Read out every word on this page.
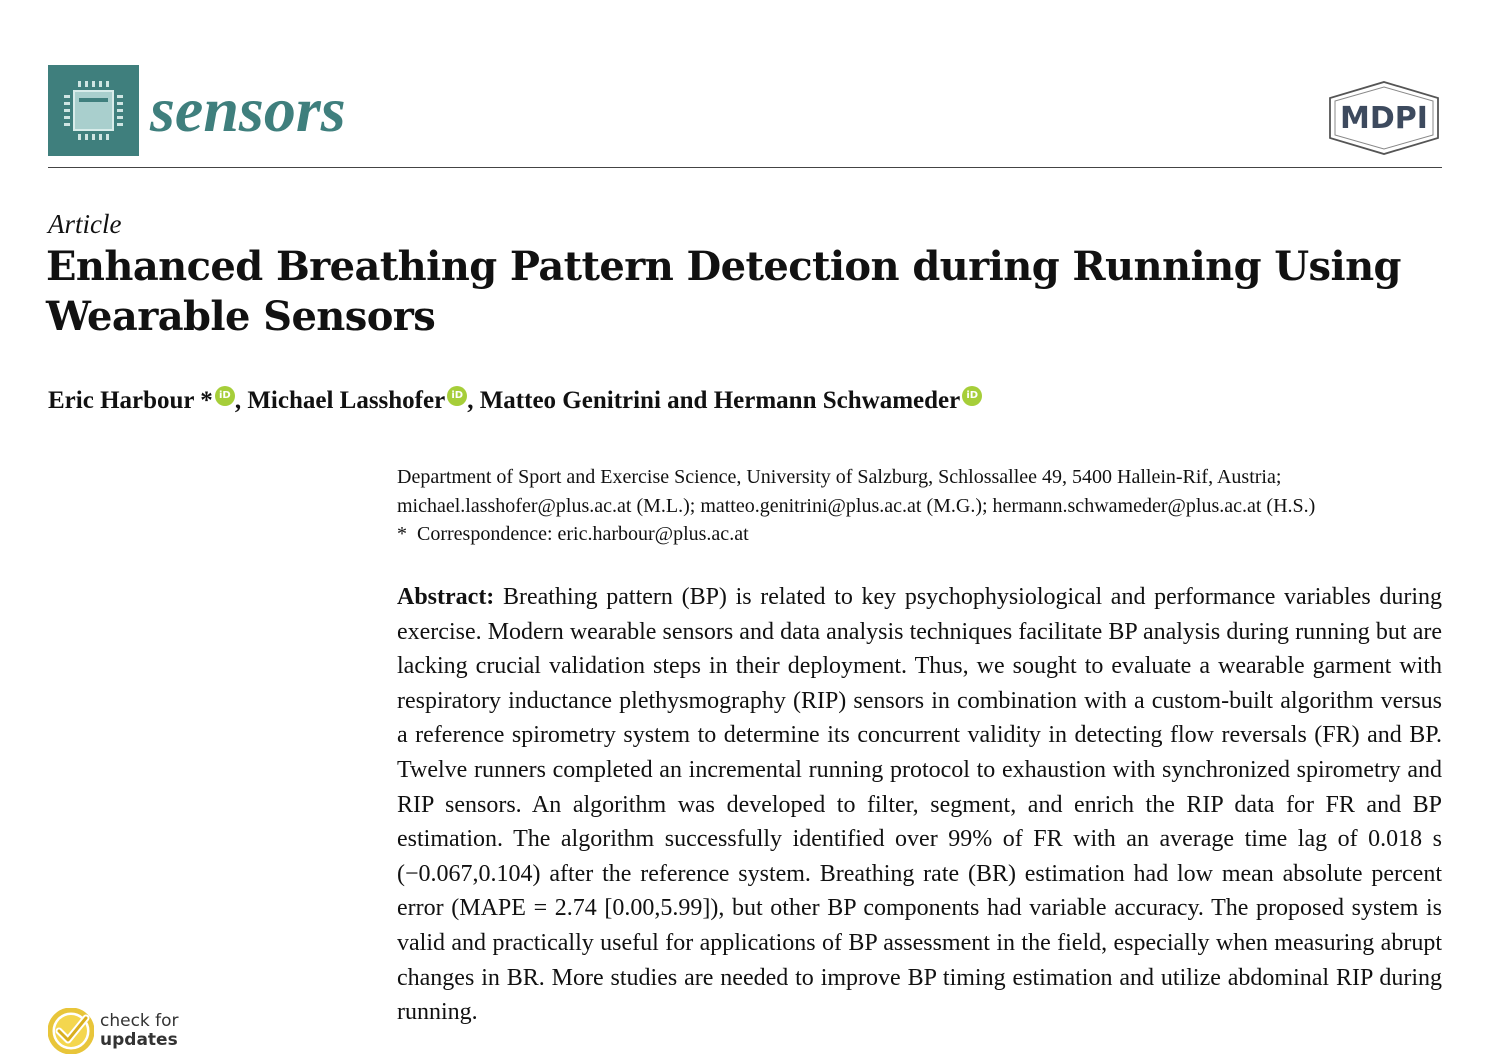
sensors	MDPI
Article
Enhanced Breathing Pattern Detection during Running Using Wearable Sensors
Eric Harbour * iD , Michael Lasshofer iD , Matteo Genitrini and Hermann Schwameder iD
Department of Sport and Exercise Science, University of Salzburg, Schlossallee 49, 5400 Hallein-Rif, Austria;
michael.lasshofer@plus.ac.at (M.L.); matteo.genitrini@plus.ac.at (M.G.); hermann.schwameder@plus.ac.at (H.S.)
* Correspondence: eric.harbour@plus.ac.at
Abstract: Breathing pattern (BP) is related to key psychophysiological and performance variables during exercise. Modern wearable sensors and data analysis techniques facilitate BP analysis during running but are lacking crucial validation steps in their deployment. Thus, we sought to evaluate a wearable garment with respiratory inductance plethysmography (RIP) sensors in combination with a custom-built algorithm versus a reference spirometry system to determine its concurrent validity in detecting flow reversals (FR) and BP. Twelve runners completed an incremental running protocol to exhaustion with synchronized spirometry and RIP sensors. An algorithm was developed to filter, segment, and enrich the RIP data for FR and BP estimation. The algorithm successfully identified over 99% of FR with an average time lag of 0.018 s (−0.067,0.104) after the reference system. Breathing rate (BR) estimation had low mean absolute percent error (MAPE = 2.74 [0.00,5.99]), but other BP components had variable accuracy. The proposed system is valid and practically useful for applications of BP assessment in the field, especially when measuring abrupt changes in BR. More studies are needed to improve BP timing estimation and utilize abdominal RIP during running.
check for
updates
